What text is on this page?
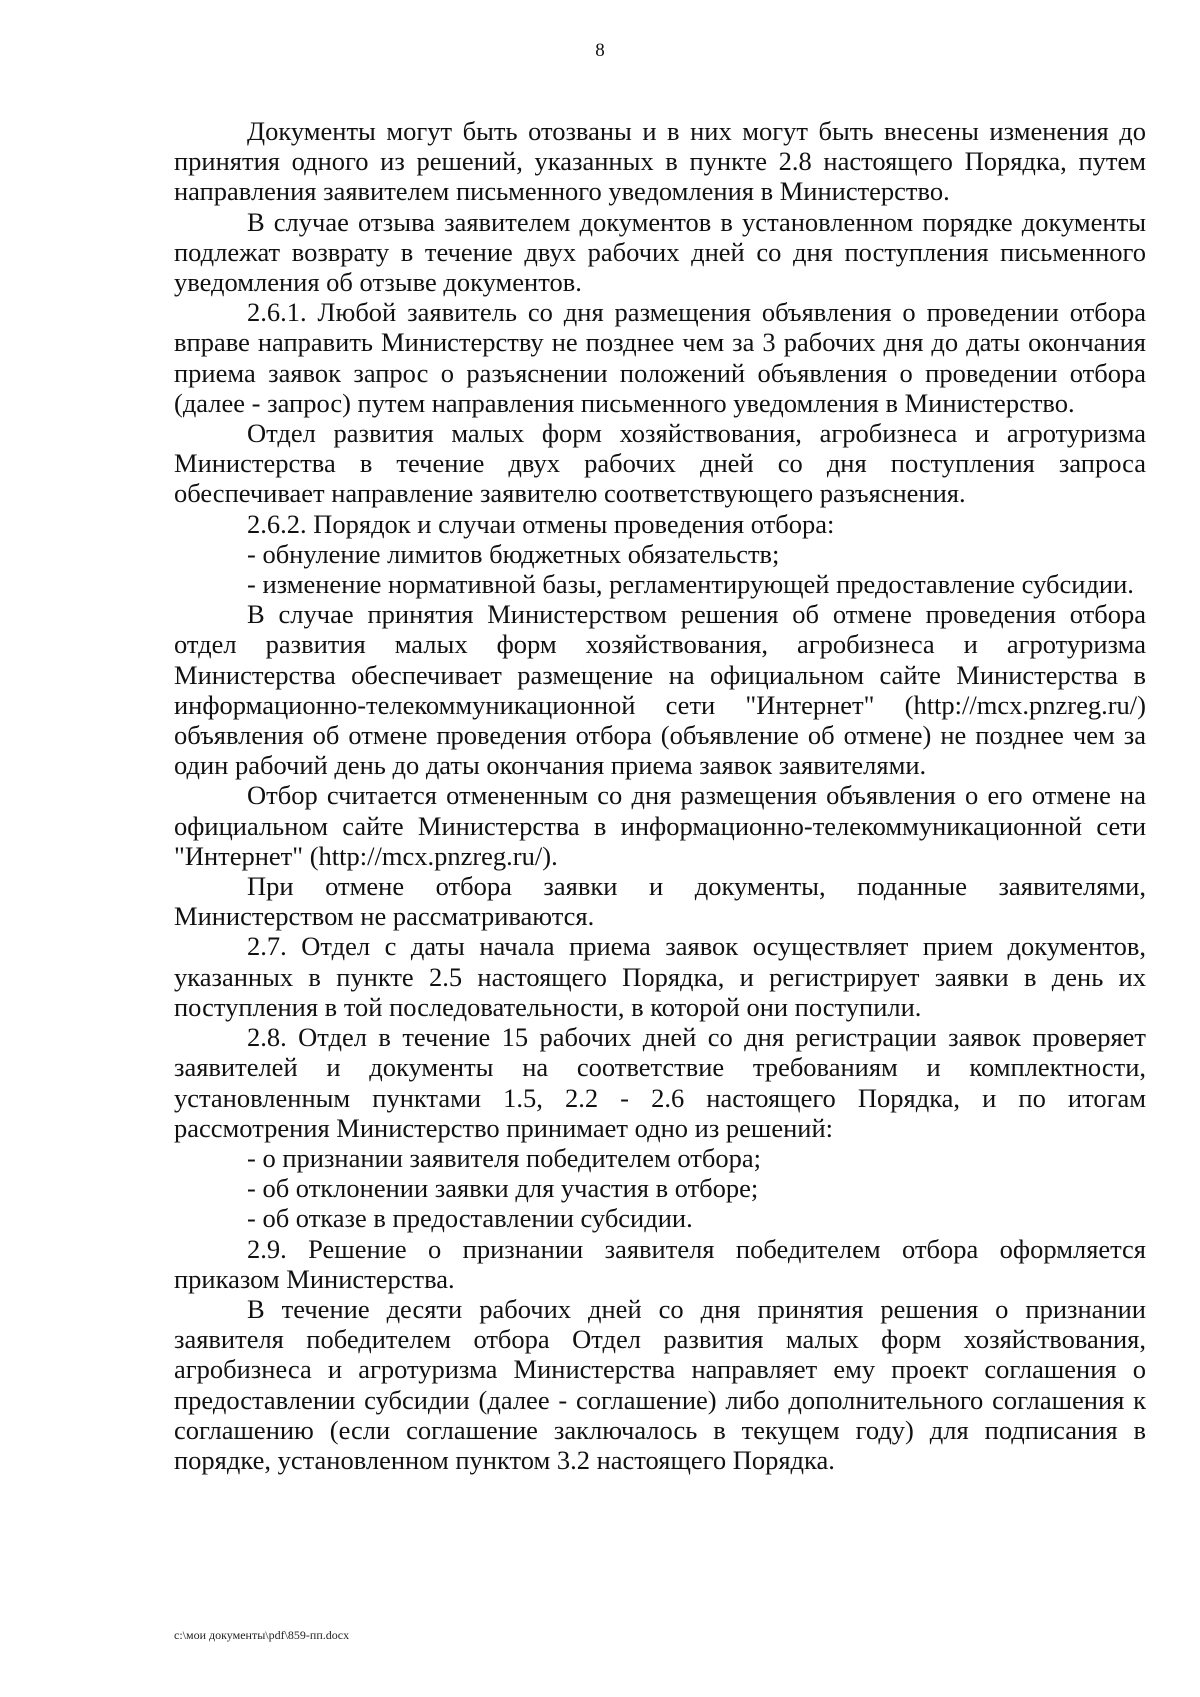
8

Документы могут быть отозваны и в них могут быть внесены изменения до принятия одного из решений, указанных в пункте 2.8 настоящего Порядка, путем направления заявителем письменного уведомления в Министерство.

В случае отзыва заявителем документов в установленном порядке документы подлежат возврату в течение двух рабочих дней со дня поступления письменного уведомления об отзыве документов.

2.6.1. Любой заявитель со дня размещения объявления о проведении отбора вправе направить Министерству не позднее чем за 3 рабочих дня до даты окончания приема заявок запрос о разъяснении положений объявления о проведении отбора (далее - запрос) путем направления письменного уведомления в Министерство.

Отдел развития малых форм хозяйствования, агробизнеса и агротуризма Министерства в течение двух рабочих дней со дня поступления запроса обеспечивает направление заявителю соответствующего разъяснения.

2.6.2. Порядок и случаи отмены проведения отбора:

- обнуление лимитов бюджетных обязательств;

- изменение нормативной базы, регламентирующей предоставление субсидии.

В случае принятия Министерством решения об отмене проведения отбора отдел развития малых форм хозяйствования, агробизнеса и агротуризма Министерства обеспечивает размещение на официальном сайте Министерства в информационно-телекоммуникационной сети "Интернет" (http://mcx.pnzreg.ru/) объявления об отмене проведения отбора (объявление об отмене) не позднее чем за один рабочий день до даты окончания приема заявок заявителями.

Отбор считается отмененным со дня размещения объявления о его отмене на официальном сайте Министерства в информационно-телекоммуникационной сети "Интернет" (http://mcx.pnzreg.ru/).

При отмене отбора заявки и документы, поданные заявителями, Министерством не рассматриваются.

2.7. Отдел с даты начала приема заявок осуществляет прием документов, указанных в пункте 2.5 настоящего Порядка, и регистрирует заявки в день их поступления в той последовательности, в которой они поступили.

2.8. Отдел в течение 15 рабочих дней со дня регистрации заявок проверяет заявителей и документы на соответствие требованиям и комплектности, установленным пунктами 1.5, 2.2 - 2.6 настоящего Порядка, и по итогам рассмотрения Министерство принимает одно из решений:

- о признании заявителя победителем отбора;

- об отклонении заявки для участия в отборе;

- об отказе в предоставлении субсидии.

2.9. Решение о признании заявителя победителем отбора оформляется приказом Министерства.

В течение десяти рабочих дней со дня принятия решения о признании заявителя победителем отбора Отдел развития малых форм хозяйствования, агробизнеса и агротуризма Министерства направляет ему проект соглашения о предоставлении субсидии (далее - соглашение) либо дополнительного соглашения к соглашению (если соглашение заключалось в текущем году) для подписания в порядке, установленном пунктом 3.2 настоящего Порядка.

c:\мои документы\pdf\859-пп.docx
